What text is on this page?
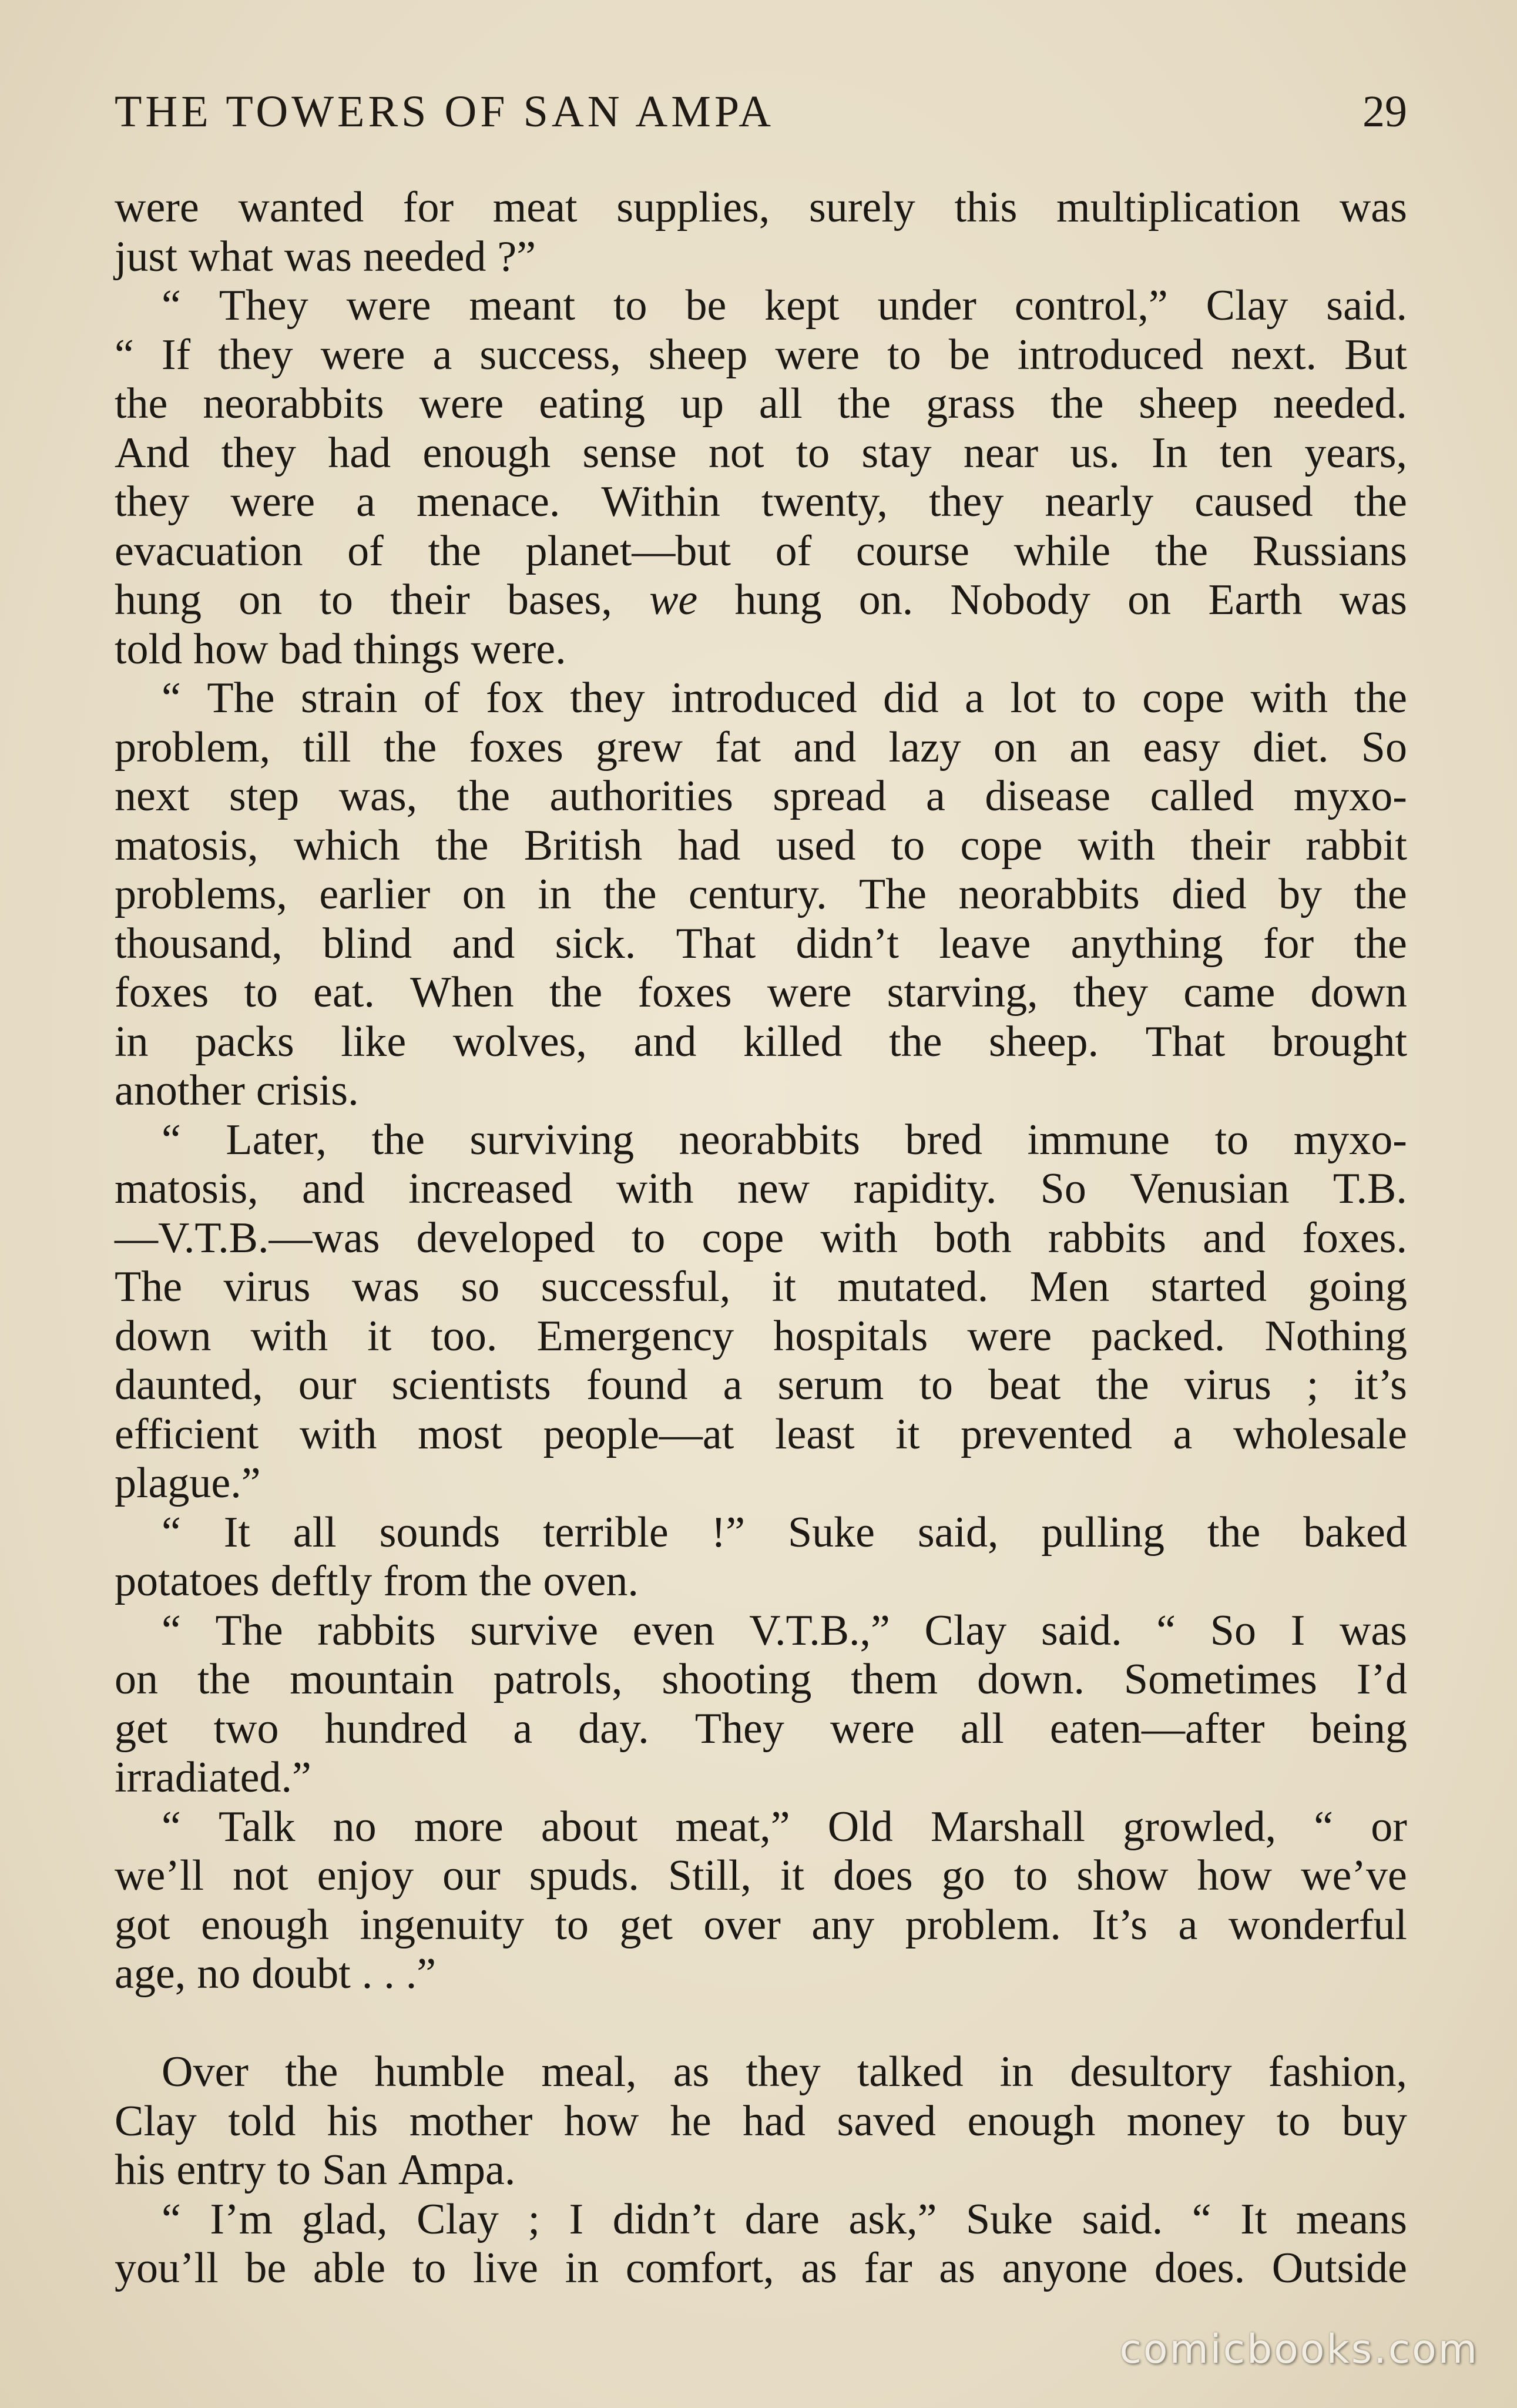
THE TOWERS OF SAN AMPA	29
were wanted for meat supplies, surely this multiplication was
just what was needed ?”
“ They were meant to be kept under control,” Clay said.
“ If they were a success, sheep were to be introduced next. But
the neorabbits were eating up all the grass the sheep needed.
And they had enough sense not to stay near us. In ten years,
they were a menace. Within twenty, they nearly caused the
evacuation of the planet—but of course while the Russians
hung on to their bases, we hung on. Nobody on Earth was
told how bad things were.
“ The strain of fox they introduced did a lot to cope with the
problem, till the foxes grew fat and lazy on an easy diet. So
next step was, the authorities spread a disease called myxo-
matosis, which the British had used to cope with their rabbit
problems, earlier on in the century. The neorabbits died by the
thousand, blind and sick. That didn’t leave anything for the
foxes to eat. When the foxes were starving, they came down
in packs like wolves, and killed the sheep. That brought
another crisis.
“ Later, the surviving neorabbits bred immune to myxo-
matosis, and increased with new rapidity. So Venusian T.B.
—V.T.B.—was developed to cope with both rabbits and foxes.
The virus was so successful, it mutated. Men started going
down with it too. Emergency hospitals were packed. Nothing
daunted, our scientists found a serum to beat the virus ; it’s
efficient with most people—at least it prevented a wholesale
plague.”
“ It all sounds terrible !” Suke said, pulling the baked
potatoes deftly from the oven.
“ The rabbits survive even V.T.B.,” Clay said. “ So I was
on the mountain patrols, shooting them down. Sometimes I’d
get two hundred a day. They were all eaten—after being
irradiated.”
“ Talk no more about meat,” Old Marshall growled, “ or
we’ll not enjoy our spuds. Still, it does go to show how we’ve
got enough ingenuity to get over any problem. It’s a wonderful
age, no doubt . . .”
Over the humble meal, as they talked in desultory fashion,
Clay told his mother how he had saved enough money to buy
his entry to San Ampa.
“ I’m glad, Clay ; I didn’t dare ask,” Suke said. “ It means
you’ll be able to live in comfort, as far as anyone does. Outside
comicbooks.com
